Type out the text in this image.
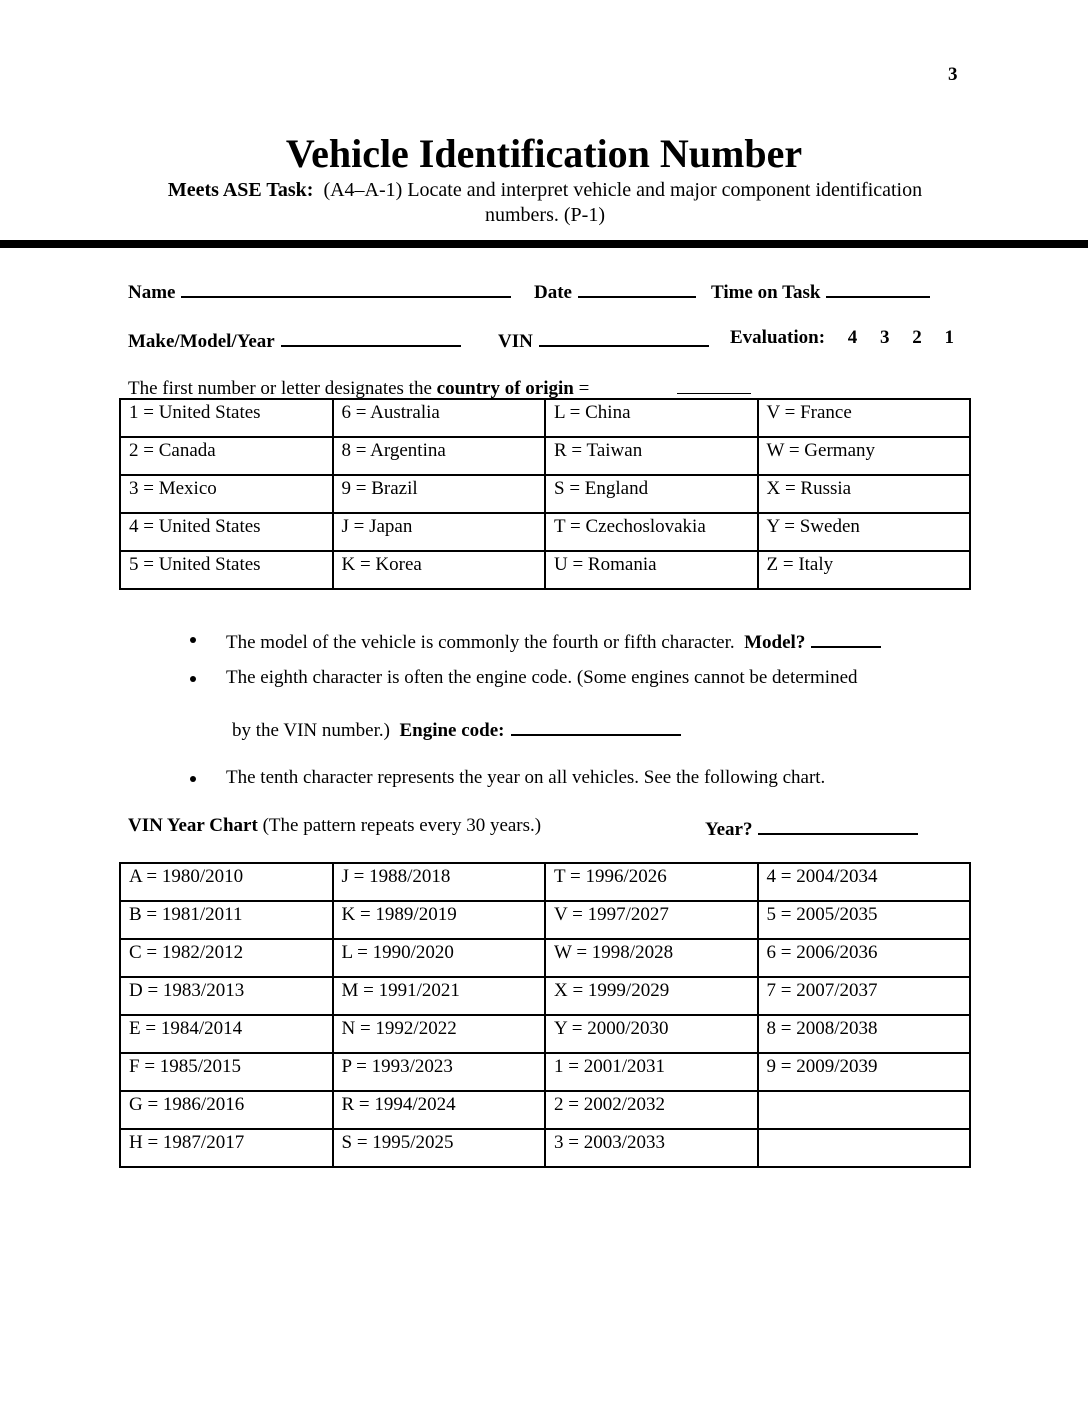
3
Vehicle Identification Number
Meets ASE Task: (A4–A-1) Locate and interpret vehicle and major component identification numbers. (P-1)
Name	Date	Time on Task
Make/Model/Year	VIN	Evaluation: 4 3 2 1
The first number or letter designates the country of origin =
1 = United States	6 = Australia	L = China	V = France
2 = Canada	8 = Argentina	R = Taiwan	W = Germany
3 = Mexico	9 = Brazil	S = England	X = Russia
4 = United States	J = Japan	T = Czechoslovakia	Y = Sweden
5 = United States	K = Korea	U = Romania	Z = Italy
The model of the vehicle is commonly the fourth or fifth character. Model?
The eighth character is often the engine code. (Some engines cannot be determined
by the VIN number.) Engine code:
The tenth character represents the year on all vehicles. See the following chart.
VIN Year Chart (The pattern repeats every 30 years.)	Year?
A = 1980/2010	J = 1988/2018	T = 1996/2026	4 = 2004/2034
B = 1981/2011	K = 1989/2019	V = 1997/2027	5 = 2005/2035
C = 1982/2012	L = 1990/2020	W = 1998/2028	6 = 2006/2036
D = 1983/2013	M = 1991/2021	X = 1999/2029	7 = 2007/2037
E = 1984/2014	N = 1992/2022	Y = 2000/2030	8 = 2008/2038
F = 1985/2015	P = 1993/2023	1 = 2001/2031	9 = 2009/2039
G = 1986/2016	R = 1994/2024	2 = 2002/2032	
H = 1987/2017	S = 1995/2025	3 = 2003/2033	
